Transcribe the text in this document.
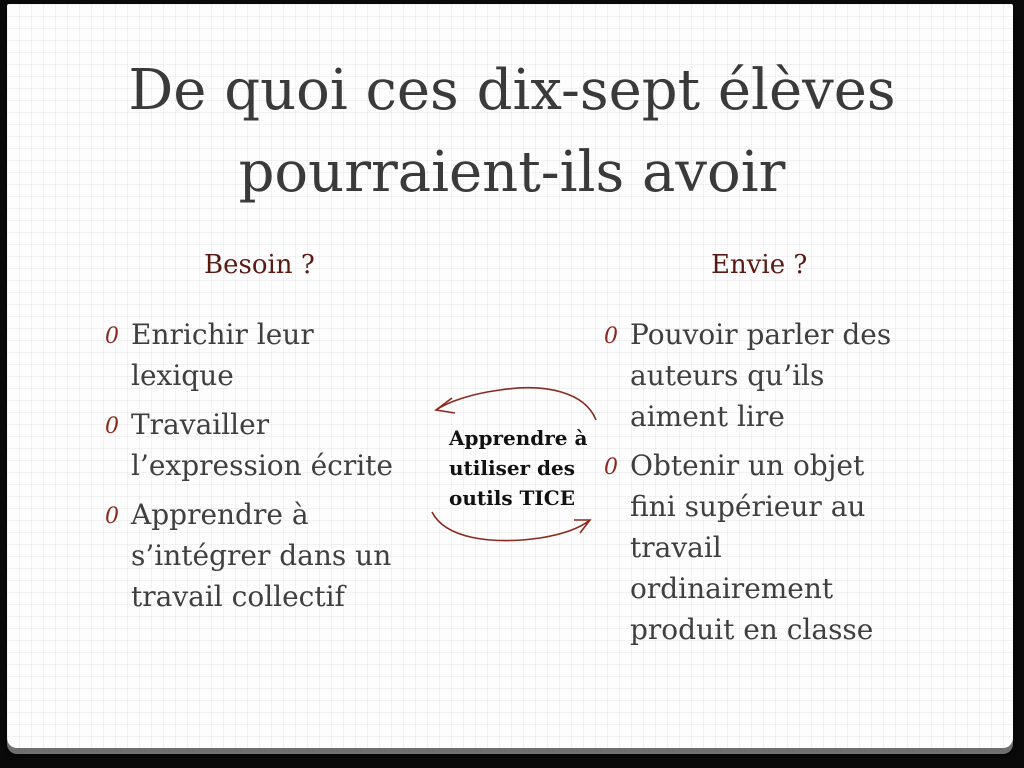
De quoi ces dix-sept élèves
pourraient-ils avoir
Besoin ?	Envie ?
0 Enrichir leur
lexique
0 Travailler
l’expression écrite
0 Apprendre à
s’intégrer dans un
travail collectif
0 Pouvoir parler des
auteurs qu’ils
aiment lire
0 Obtenir un objet
fini supérieur au
travail
ordinairement
produit en classe
Apprendre à
utiliser des
outils TICE
